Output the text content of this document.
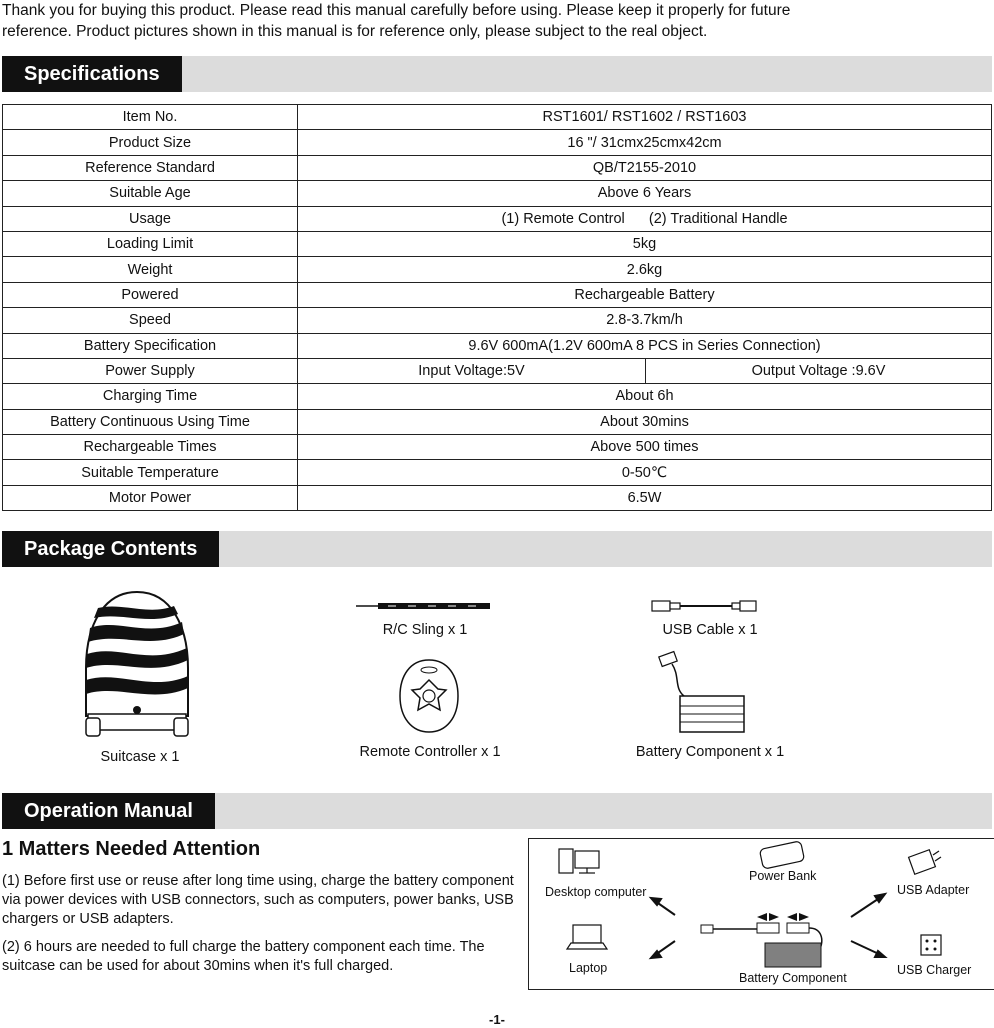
Thank you for buying this product. Please read this manual carefully before using. Please keep it properly for future

reference. Product pictures shown in this manual is for reference only, please subject to the real object.

Specifications
Item No.	RST1601/ RST1602 / RST1603	
Product Size	16 "/ 31cmx25cmx42cm	
Reference Standard	QB/T2155-2010	
Suitable Age	Above 6 Years	
Usage	(1) Remote Control      (2) Traditional Handle	
Loading Limit	5kg	
Weight	2.6kg	
Powered	Rechargeable Battery	
Speed	2.8-3.7km/h	
Battery Specification	9.6V 600mA(1.2V 600mA 8 PCS in Series Connection)	
Power Supply	Input Voltage:5V	Output Voltage :9.6V
Charging Time	About 6h	
Battery Continuous Using Time	About 30mins	
Rechargeable Times	Above 500 times	
Suitable Temperature	0-50℃	
Motor Power	6.5W	
Package Contents
Suitcase x 1
R/C Sling x 1	USB Cable x 1
Remote Controller x 1	Battery Component x 1
Operation Manual
1 Matters Needed Attention

(1) Before first use or reuse after long time using, charge the battery component via power devices with USB connectors, such as computers, power banks, USB chargers or USB adapters.

(2) 6 hours are needed to full charge the battery component each time. The suitcase can be used for about 30mins when it's full charged.

Desktop computer
Power Bank
USB Adapter
Laptop
Battery Component
USB Charger
-1-
